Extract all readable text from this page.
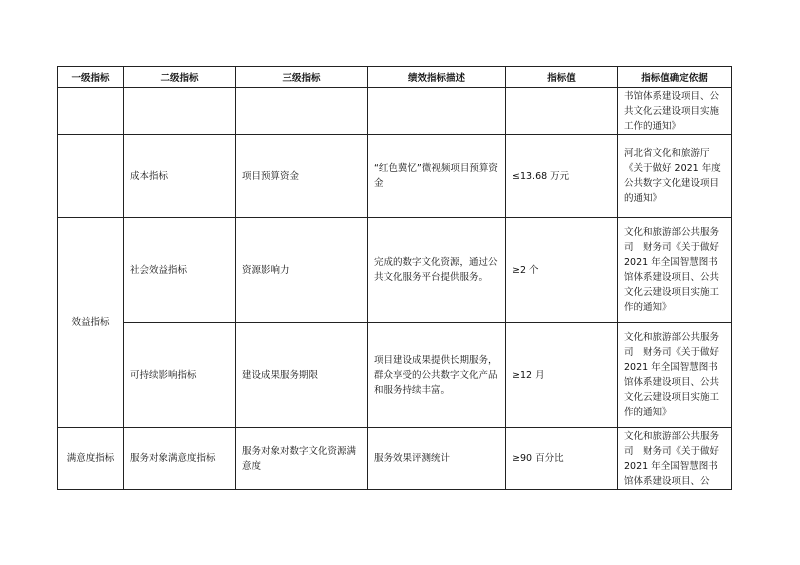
一级指标	二级指标	三级指标	绩效指标描述	指标值	指标值确定依据
					书馆体系建设项目、公共文化云建设项目实施工作的通知》
	成本指标	项目预算资金	“红色冀忆”微视频项目预算资金	≤13.68 万元	河北省文化和旅游厅《关于做好 2021 年度公共数字文化建设项目的通知》
效益指标	社会效益指标	资源影响力	完成的数字文化资源，通过公共文化服务平台提供服务。	≥2 个	文化和旅游部公共服务司　财务司《关于做好 2021 年全国智慧图书馆体系建设项目、公共文化云建设项目实施工作的通知》
	可持续影响指标	建设成果服务期限	项目建设成果提供长期服务，群众享受的公共数字文化产品和服务持续丰富。	≥12 月	文化和旅游部公共服务司　财务司《关于做好 2021 年全国智慧图书馆体系建设项目、公共文化云建设项目实施工作的通知》
满意度指标	服务对象满意度指标	服务对象对数字文化资源满意度	服务效果评测统计	≥90 百分比	文化和旅游部公共服务司　财务司《关于做好 2021 年全国智慧图书馆体系建设项目、公
